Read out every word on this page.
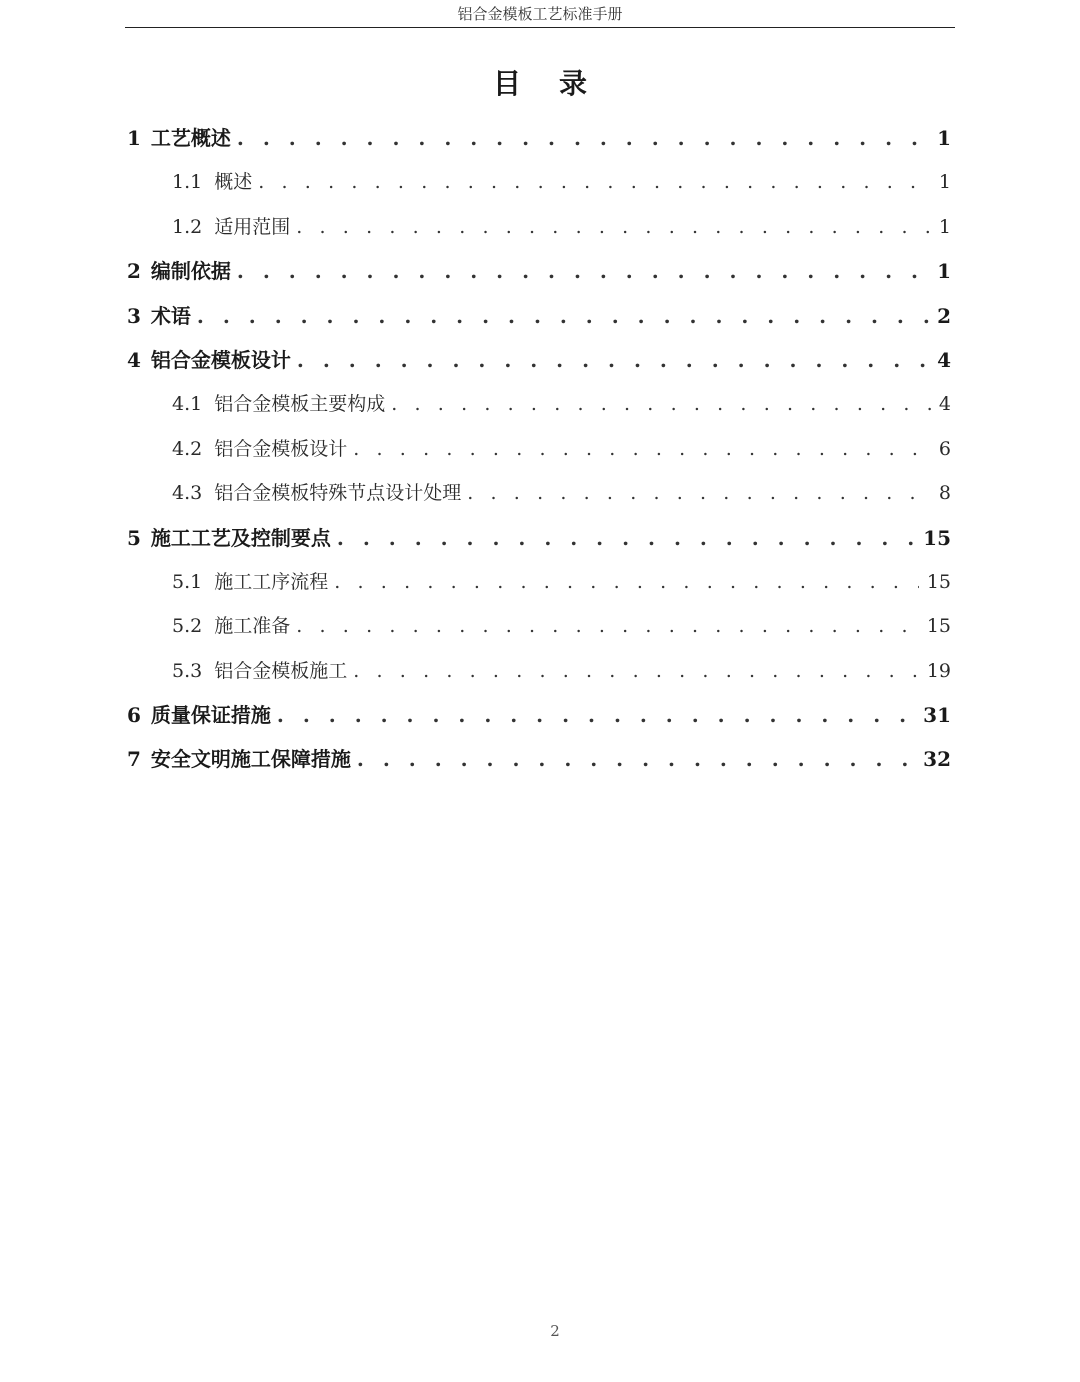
铝合金模板工艺标准手册
目录
1 工艺概述 . . .	1
1.1 概述 . . .	1
1.2 适用范围 . . .	1
2 编制依据 . . .	1
3 术语 . . .	2
4 铝合金模板设计 . . .	4
4.1 铝合金模板主要构成 . . .	4
4.2 铝合金模板设计 . . .	6
4.3 铝合金模板特殊节点设计处理 . . .	8
5 施工工艺及控制要点 . . .	15
5.1 施工工序流程 . . .	15
5.2 施工准备 . . .	15
5.3 铝合金模板施工 . . .	19
6 质量保证措施 . . .	31
7 安全文明施工保障措施 . . .	32
2
